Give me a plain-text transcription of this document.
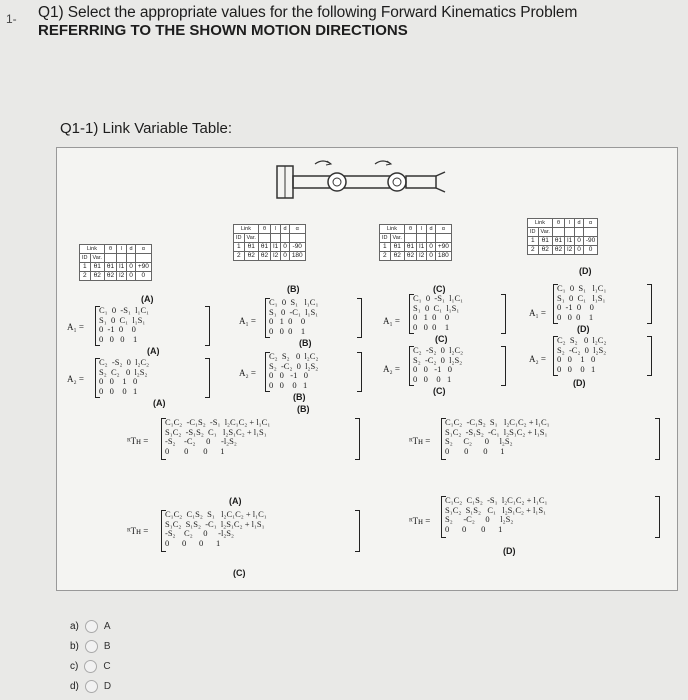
1- Q1) Select the appropriate values for the following Forward Kinematics Problem
REFERRING TO THE SHOWN MOTION DIRECTIONS
Q1-1) Link Variable Table:
Link		θ	l	d	α
ID	Var.				
1	θ1	θ1	l1	0	+90
2	θ2	θ2	l2	0	0
Link		θ	l	d	α
ID	Var.				
1	θ1	θ1	l1	0	-90
2	θ2	θ2	l2	0	180
Link		θ	l	d	α
ID	Var.				
1	θ1	θ1	l1	0	+90
2	θ2	θ2	l2	0	180
Link		θ	l	d	α
ID	Var.				
1	θ1	θ1	l1	0	-90
2	θ2	θ2	l2	0	0
(A)
(B)	(C)
(D)
A₁ =
C₁  0  -S₁  l₁C₁
S₁  0  C₁  l₁S₁
0  -1  0    0
0   0   0    1
(A)
A₁ =
C₁  0  S₁   l₁C₁
S₁  0  -C₁  l₁S₁
0   1  0    0
0   0  0    1
(B)
A₁ =
C₁  0  -S₁  l₁C₁
S₁  0  C₁  l₁S₁
0   1  0    0
0   0  0    1
(C)
A₁ =
C₁  0  S₁   l₁C₁
S₁  0  C₁   l₁S₁
0  -1  0    0
0   0  0    1
(D)
A₂ =
C₂  -S₂  0  l₂C₂
S₂  C₂   0  l₂S₂
0   0    1   0
0   0    0   1
(A)
A₂ =
C₂  S₂   0  l₂C₂
S₂  -C₂  0  l₂S₂
0   0   -1   0
0   0    0   1
(B)
A₂ =
C₂  -S₂  0  l₂C₂
S₂  -C₂  0  l₂S₂
0   0   -1   0
0   0    0   1
(C)
A₂ =
C₂  S₂   0  l₂C₂
S₂  -C₂  0  l₂S₂
0   0    1   0
0   0    0   1
(D)
ᴿTн =
C₁C₂  -C₁S₂  -S₁  l₂C₁C₂ + l₁C₁
S₁C₂  -S₁S₂  C₁   l₂S₁C₂ + l₁S₁
-S₂    -C₂     0     -l₂S₂
0       0       0      1
(B)
ᴿTн =
C₁C₂  C₁S₂  S₁   l₂C₁C₂ + l₁C₁
S₁C₂  S₁S₂  -C₁  l₂S₁C₂ + l₁S₁
-S₂    C₂     0     -l₂S₂
0      0      0      1
(A)
(C)
ᴿTн =
C₁C₂  -C₁S₂  S₁   l₂C₁C₂ + l₁C₁
S₁C₂  -S₁S₂  -C₁  l₂S₁C₂ + l₁S₁
S₂     C₂      0     l₂S₂
0       0       0      1
ᴿTн =
C₁C₂  C₁S₂  -S₁  l₂C₁C₂ + l₁C₁
S₁C₂  S₁S₂   C₁   l₂S₁C₂ + l₁S₁
S₂     -C₂     0     l₂S₂
0      0       0      1
(D)
a)	A
b)	B
c)	C
d)	D
